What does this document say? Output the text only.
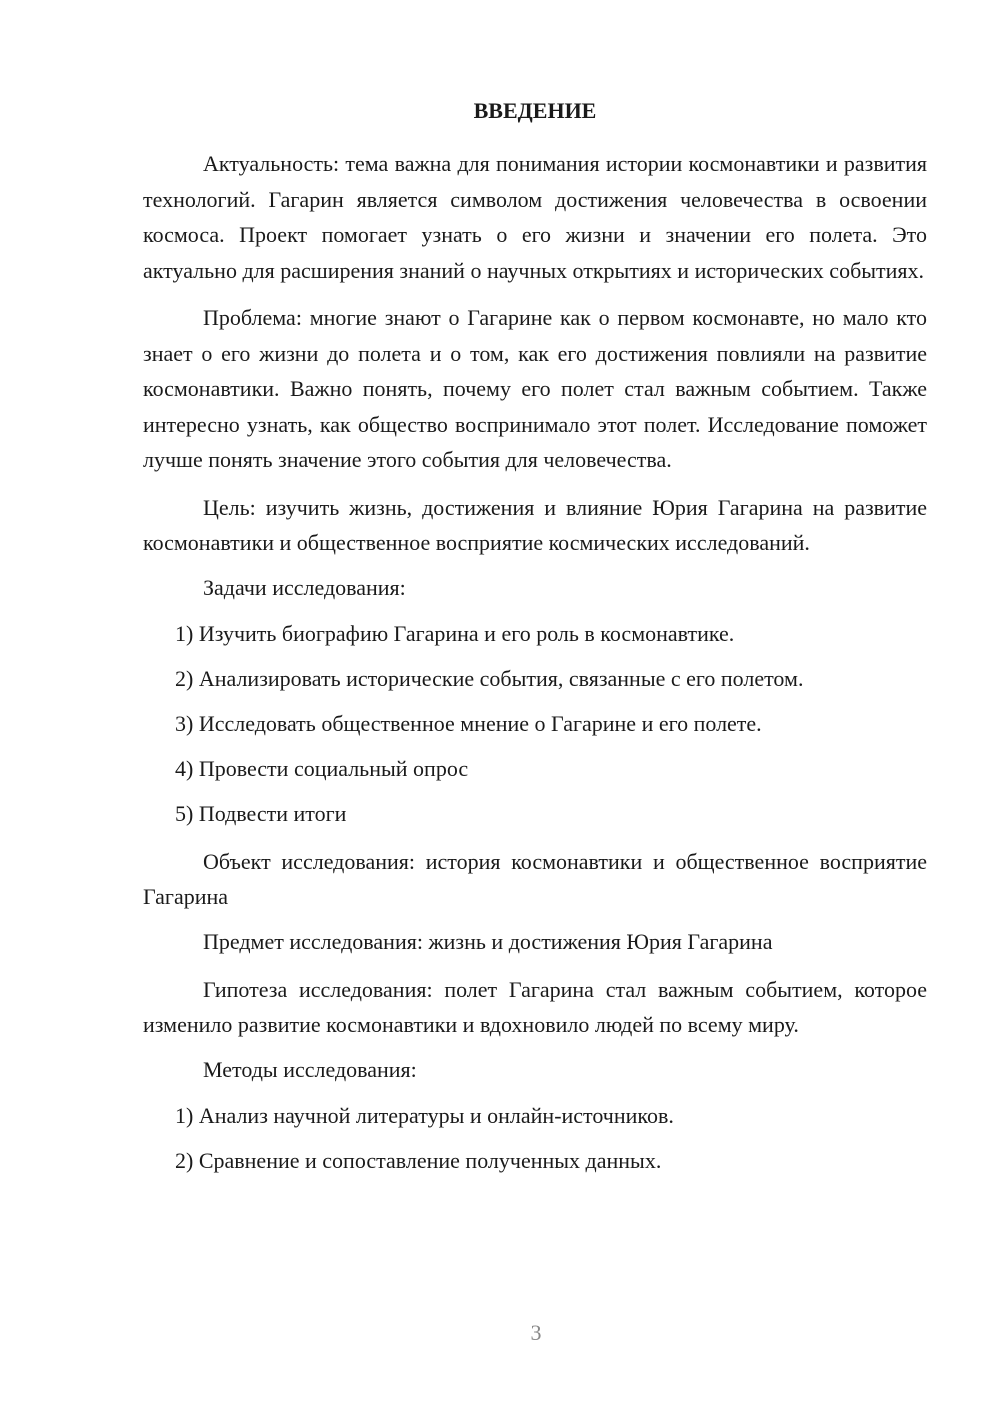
ВВЕДЕНИЕ

Актуальность: тема важна для понимания истории космонавтики и развития технологий. Гагарин является символом достижения человечества в освоении космоса. Проект помогает узнать о его жизни и значении его полета. Это актуально для расширения знаний о научных открытиях и исторических событиях.

Проблема: многие знают о Гагарине как о первом космонавте, но мало кто знает о его жизни до полета и о том, как его достижения повлияли на развитие космонавтики. Важно понять, почему его полет стал важным событием. Также интересно узнать, как общество воспринимало этот полет. Исследование поможет лучше понять значение этого события для человечества.

Цель: изучить жизнь, достижения и влияние Юрия Гагарина на развитие космонавтики и общественное восприятие космических исследований.

Задачи исследования:
1) Изучить биографию Гагарина и его роль в космонавтике.
2) Анализировать исторические события, связанные с его полетом.
3) Исследовать общественное мнение о Гагарине и его полете.
4) Провести социальный опрос
5) Подвести итоги

Объект исследования: история космонавтики и общественное восприятие Гагарина

Предмет исследования: жизнь и достижения Юрия Гагарина

Гипотеза исследования: полет Гагарина стал важным событием, которое изменило развитие космонавтики и вдохновило людей по всему миру.

Методы исследования:
1) Анализ научной литературы и онлайн-источников.
2) Сравнение и сопоставление полученных данных.
3
